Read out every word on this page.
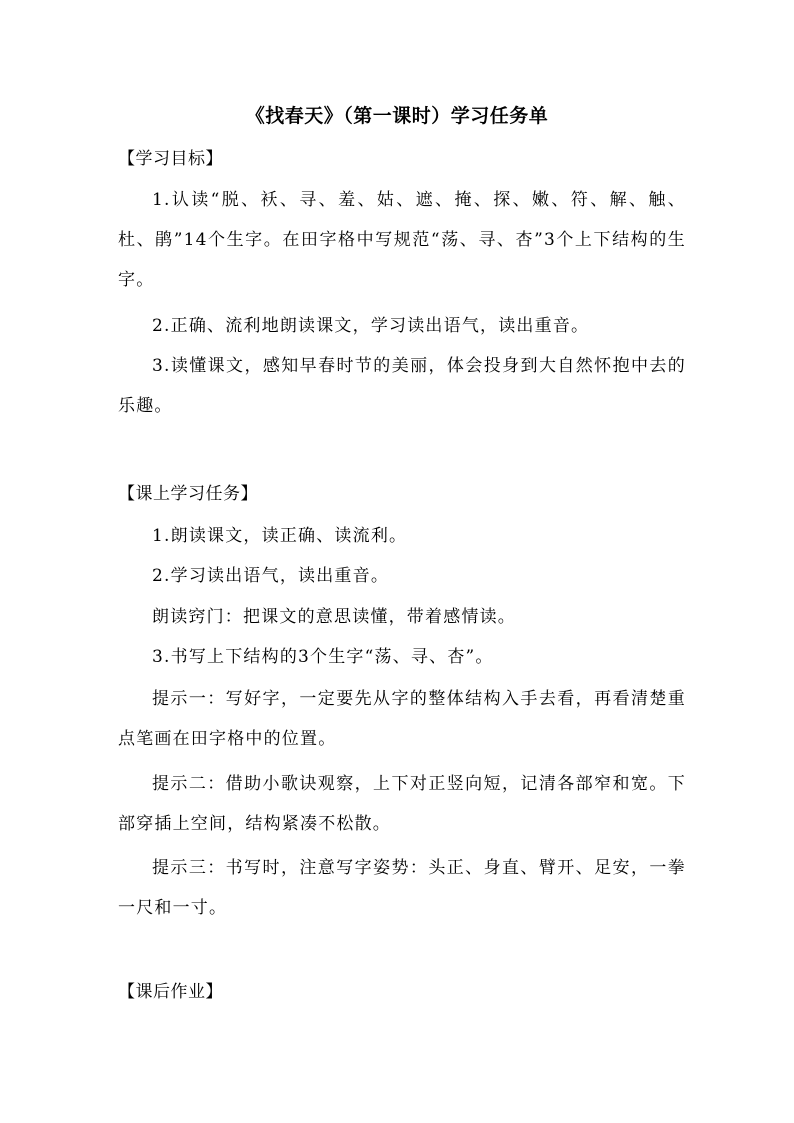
《找春天》（第一课时）学习任务单
【学习目标】

1.认读“脱、袄、寻、羞、姑、遮、掩、探、嫩、符、解、触、杜、鹃”14个生字。在田字格中写规范“荡、寻、杏”3个上下结构的生字。

2.正确、流利地朗读课文，学习读出语气，读出重音。

3.读懂课文，感知早春时节的美丽，体会投身到大自然怀抱中去的乐趣。

【课上学习任务】

1.朗读课文，读正确、读流利。

2.学习读出语气，读出重音。

朗读窍门：把课文的意思读懂，带着感情读。

3.书写上下结构的3个生字“荡、寻、杏”。

提示一：写好字，一定要先从字的整体结构入手去看，再看清楚重点笔画在田字格中的位置。

提示二：借助小歌诀观察，上下对正竖向短，记清各部窄和宽。下部穿插上空间，结构紧凑不松散。

提示三：书写时，注意写字姿势：头正、身直、臂开、足安，一拳一尺和一寸。

【课后作业】
